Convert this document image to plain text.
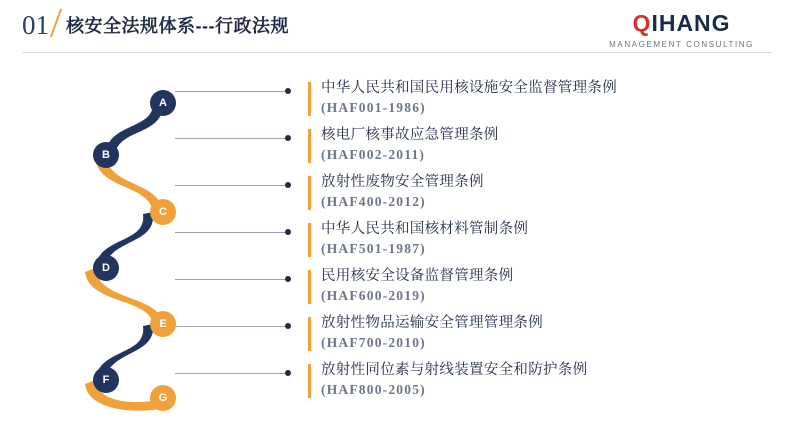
01 核安全法规体系---行政法规	QIHANG
MANAGEMENT CONSULTING
A
B
C
D
E
F
G
中华人民共和国民用核设施安全监督管理条例
(HAF001-1986)
核电厂核事故应急管理条例
(HAF002-2011)
放射性废物安全管理条例
(HAF400-2012)
中华人民共和国核材料管制条例
(HAF501-1987)
民用核安全设备监督管理条例
(HAF600-2019)
放射性物品运输安全管理管理条例
(HAF700-2010)
放射性同位素与射线装置安全和防护条例
(HAF800-2005)
